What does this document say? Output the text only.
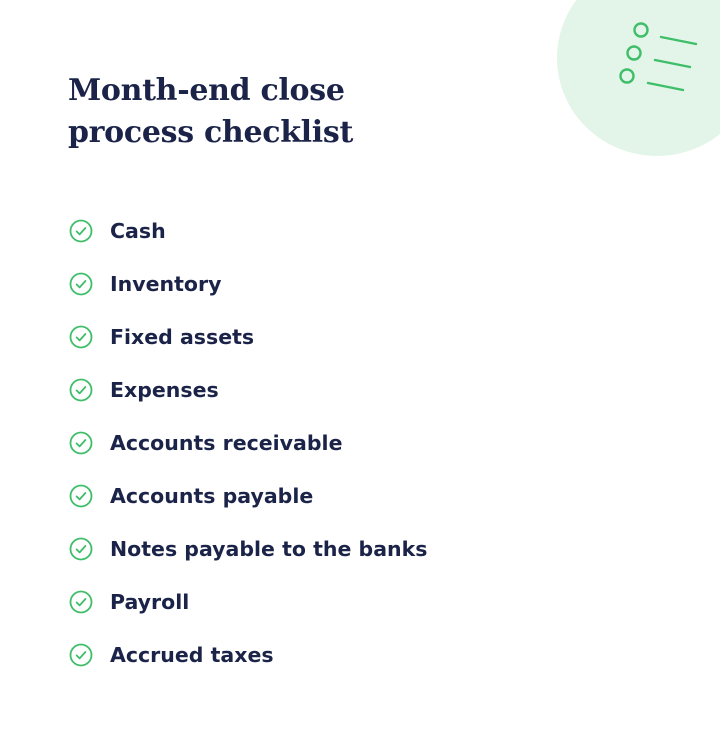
Month-end close
process checklist
Cash
Inventory
Fixed assets
Expenses
Accounts receivable
Accounts payable
Notes payable to the banks
Payroll
Accrued taxes
